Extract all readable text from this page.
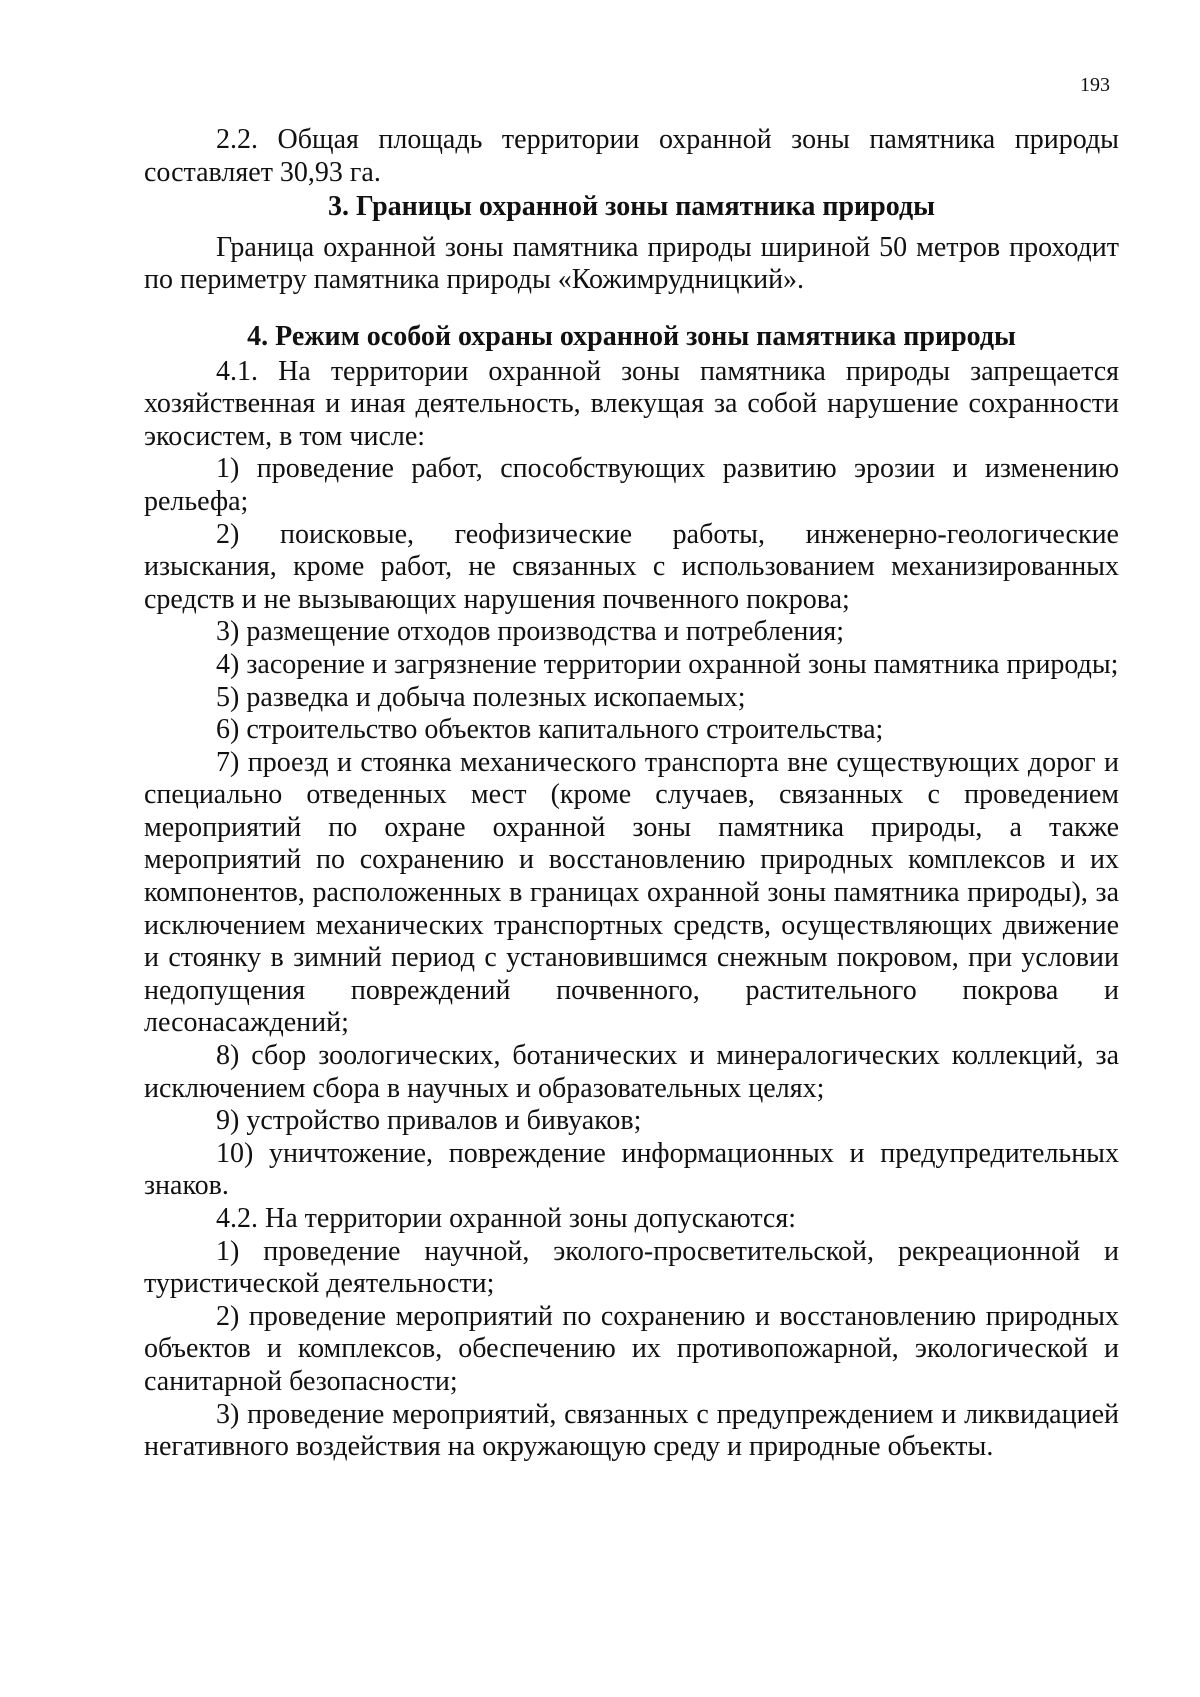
193

2.2. Общая площадь территории охранной зоны памятника природы составляет 30,93 га.

3. Границы охранной зоны памятника природы

Граница охранной зоны памятника природы шириной 50 метров проходит по периметру памятника природы «Кожимрудницкий».

4. Режим особой охраны охранной зоны памятника природы

4.1. На территории охранной зоны памятника природы запрещается хозяйственная и иная деятельность, влекущая за собой нарушение сохранности экосистем, в том числе:

1) проведение работ, способствующих развитию эрозии и изменению рельефа;

2) поисковые, геофизические работы, инженерно-геологические изыскания, кроме работ, не связанных с использованием механизированных средств и не вызывающих нарушения почвенного покрова;

3) размещение отходов производства и потребления;

4) засорение и загрязнение территории охранной зоны памятника природы;

5) разведка и добыча полезных ископаемых;

6) строительство объектов капитального строительства;

7) проезд и стоянка механического транспорта вне существующих дорог и специально отведенных мест (кроме случаев, связанных с проведением мероприятий по охране охранной зоны памятника природы, а также мероприятий по сохранению и восстановлению природных комплексов и их компонентов, расположенных в границах охранной зоны памятника природы), за исключением механических транспортных средств, осуществляющих движение и стоянку в зимний период с установившимся снежным покровом, при условии недопущения повреждений почвенного, растительного покрова и лесонасаждений;

8) сбор зоологических, ботанических и минералогических коллекций, за исключением сбора в научных и образовательных целях;

9) устройство привалов и бивуаков;

10) уничтожение, повреждение информационных и предупредительных знаков.

4.2. На территории охранной зоны допускаются:

1) проведение научной, эколого-просветительской, рекреационной и туристической деятельности;

2) проведение мероприятий по сохранению и восстановлению природных объектов и комплексов, обеспечению их противопожарной, экологической и санитарной безопасности;

3) проведение мероприятий, связанных с предупреждением и ликвидацией негативного воздействия на окружающую среду и природные объекты.
